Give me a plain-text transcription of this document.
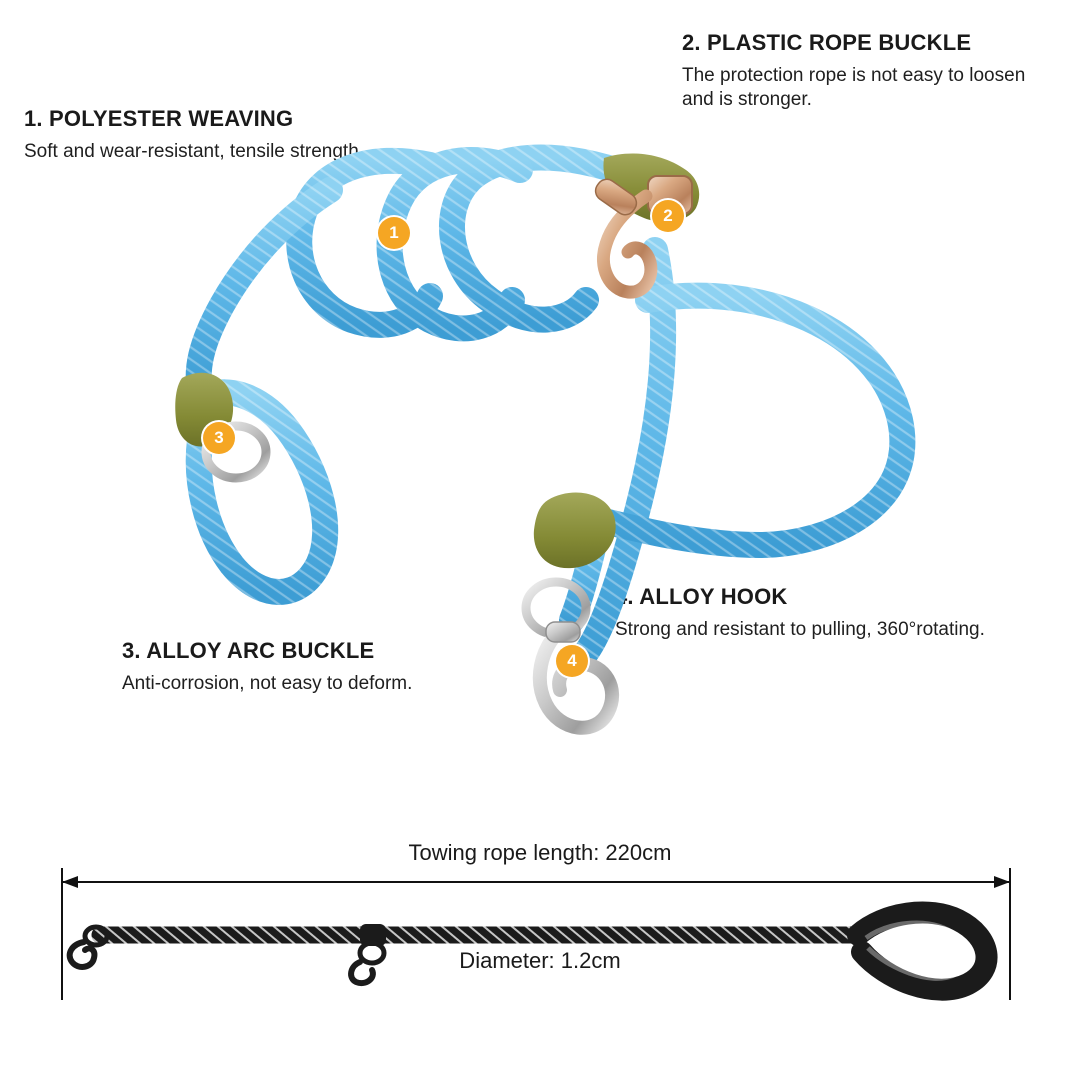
1. POLYESTER WEAVING

Soft and wear-resistant, tensile strength.

2. PLASTIC ROPE BUCKLE

The protection rope is not easy to loosen and is stronger.

3. ALLOY ARC BUCKLE

Anti-corrosion, not easy to deform.

4. ALLOY HOOK

Strong and resistant to pulling, 360°rotating.

1
2
3
4
Towing rope length: 220cm
Diameter: 1.2cm
